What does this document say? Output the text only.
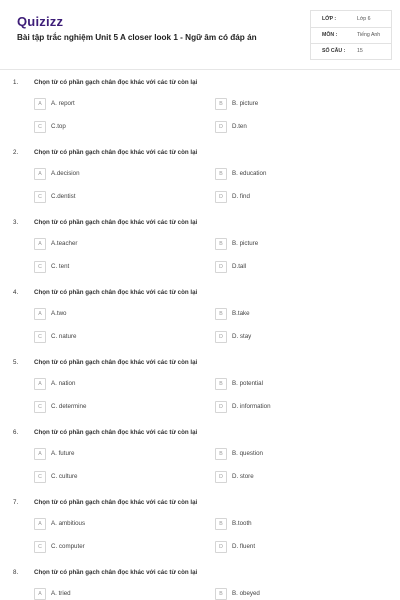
Quizizz
Bài tập trắc nghiệm Unit 5 A closer look 1 - Ngữ âm có đáp án
LỚP :	Lớp 6
MÔN :	Tiếng Anh
SỐ CÂU : 15
1.	Chọn từ có phần gạch chân đọc khác với các từ còn lại
A	A. report	B	B. picture
C	C.top	D	D.ten
2.	Chọn từ có phần gạch chân đọc khác với các từ còn lại
A	A.decision	B	B. education
C	C.dentist	D	D. find
3.	Chọn từ có phần gạch chân đọc khác với các từ còn lại
A	A.teacher	B	B. picture
C	C. tent	D	D.tall
4.	Chọn từ có phần gạch chân đọc khác với các từ còn lại
A	A.two	B	B.take
C	C. nature	D	D. stay
5.	Chọn từ có phần gạch chân đọc khác với các từ còn lại
A	A. nation	B	B. potential
C	C. determine	D	D. information
6.	Chọn từ có phần gạch chân đọc khác với các từ còn lại
A	A. future	B	B. question
C	C. culture	D	D. store
7.	Chọn từ có phần gạch chân đọc khác với các từ còn lại
A	A. ambitious	B	B.tooth
C	C. computer	D	D. fluent
8.	Chọn từ có phần gạch chân đọc khác với các từ còn lại
A	A. tried	B	B. obeyed
